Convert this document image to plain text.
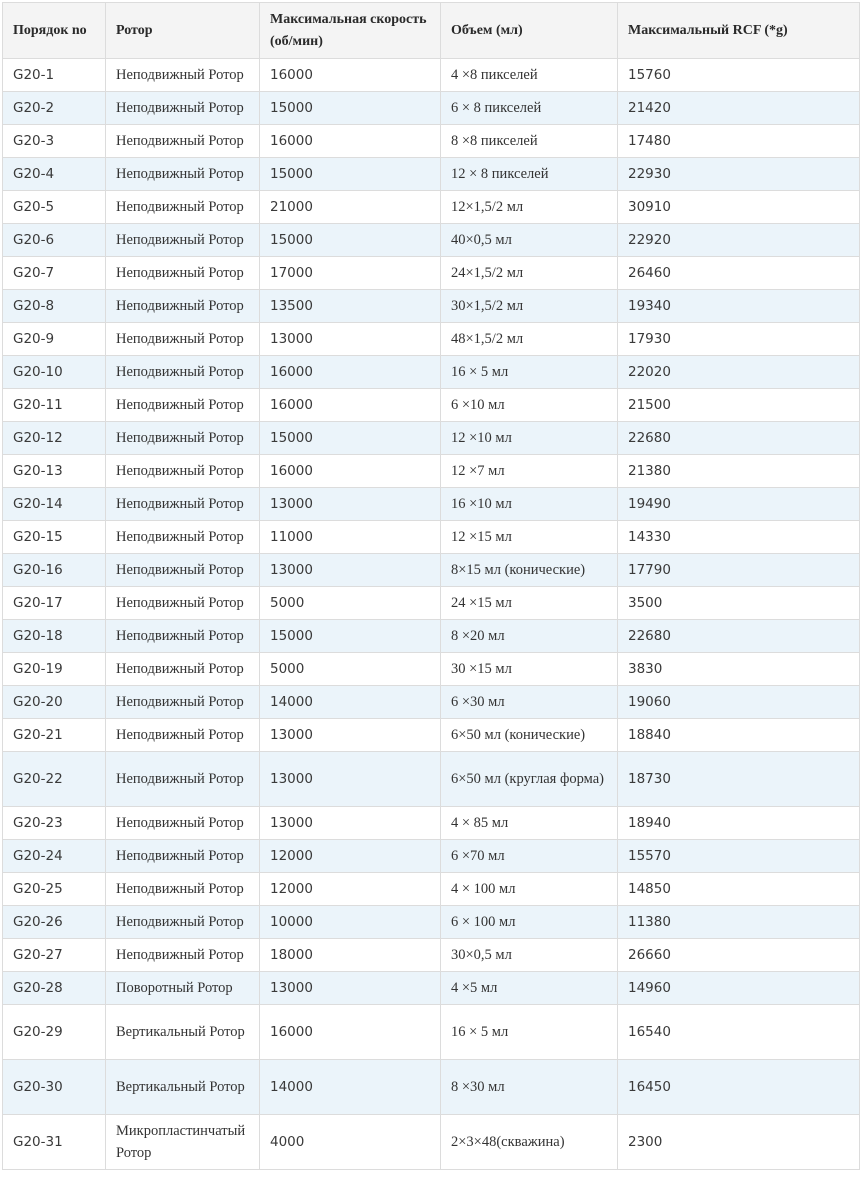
Порядок no	Ротор	Максимальная скорость (об/мин)	Объем (мл)	Максимальный RCF (*g)
G20-1	Неподвижный Ротор	16000	4 ×8 пикселей	15760
G20-2	Неподвижный Ротор	15000	6 × 8 пикселей	21420
G20-3	Неподвижный Ротор	16000	8 ×8 пикселей	17480
G20-4	Неподвижный Ротор	15000	12 × 8 пикселей	22930
G20-5	Неподвижный Ротор	21000	12×1,5/2 мл	30910
G20-6	Неподвижный Ротор	15000	40×0,5 мл	22920
G20-7	Неподвижный Ротор	17000	24×1,5/2 мл	26460
G20-8	Неподвижный Ротор	13500	30×1,5/2 мл	19340
G20-9	Неподвижный Ротор	13000	48×1,5/2 мл	17930
G20-10	Неподвижный Ротор	16000	16 × 5 мл	22020
G20-11	Неподвижный Ротор	16000	6 ×10 мл	21500
G20-12	Неподвижный Ротор	15000	12 ×10 мл	22680
G20-13	Неподвижный Ротор	16000	12 ×7 мл	21380
G20-14	Неподвижный Ротор	13000	16 ×10 мл	19490
G20-15	Неподвижный Ротор	11000	12 ×15 мл	14330
G20-16	Неподвижный Ротор	13000	8×15 мл (конические)	17790
G20-17	Неподвижный Ротор	5000	24 ×15 мл	3500
G20-18	Неподвижный Ротор	15000	8 ×20 мл	22680
G20-19	Неподвижный Ротор	5000	30 ×15 мл	3830
G20-20	Неподвижный Ротор	14000	6 ×30 мл	19060
G20-21	Неподвижный Ротор	13000	6×50 мл (конические)	18840
G20-22	Неподвижный Ротор	13000	6×50 мл (круглая форма)	18730
G20-23	Неподвижный Ротор	13000	4 × 85 мл	18940
G20-24	Неподвижный Ротор	12000	6 ×70 мл	15570
G20-25	Неподвижный Ротор	12000	4 × 100 мл	14850
G20-26	Неподвижный Ротор	10000	6 × 100 мл	11380
G20-27	Неподвижный Ротор	18000	30×0,5 мл	26660
G20-28	Поворотный Ротор	13000	4 ×5 мл	14960
G20-29	Вертикальный Ротор	16000	16 × 5 мл	16540
G20-30	Вертикальный Ротор	14000	8 ×30 мл	16450
G20-31	Микропластинчатый Ротор	4000	2×3×48(скважина)	2300
